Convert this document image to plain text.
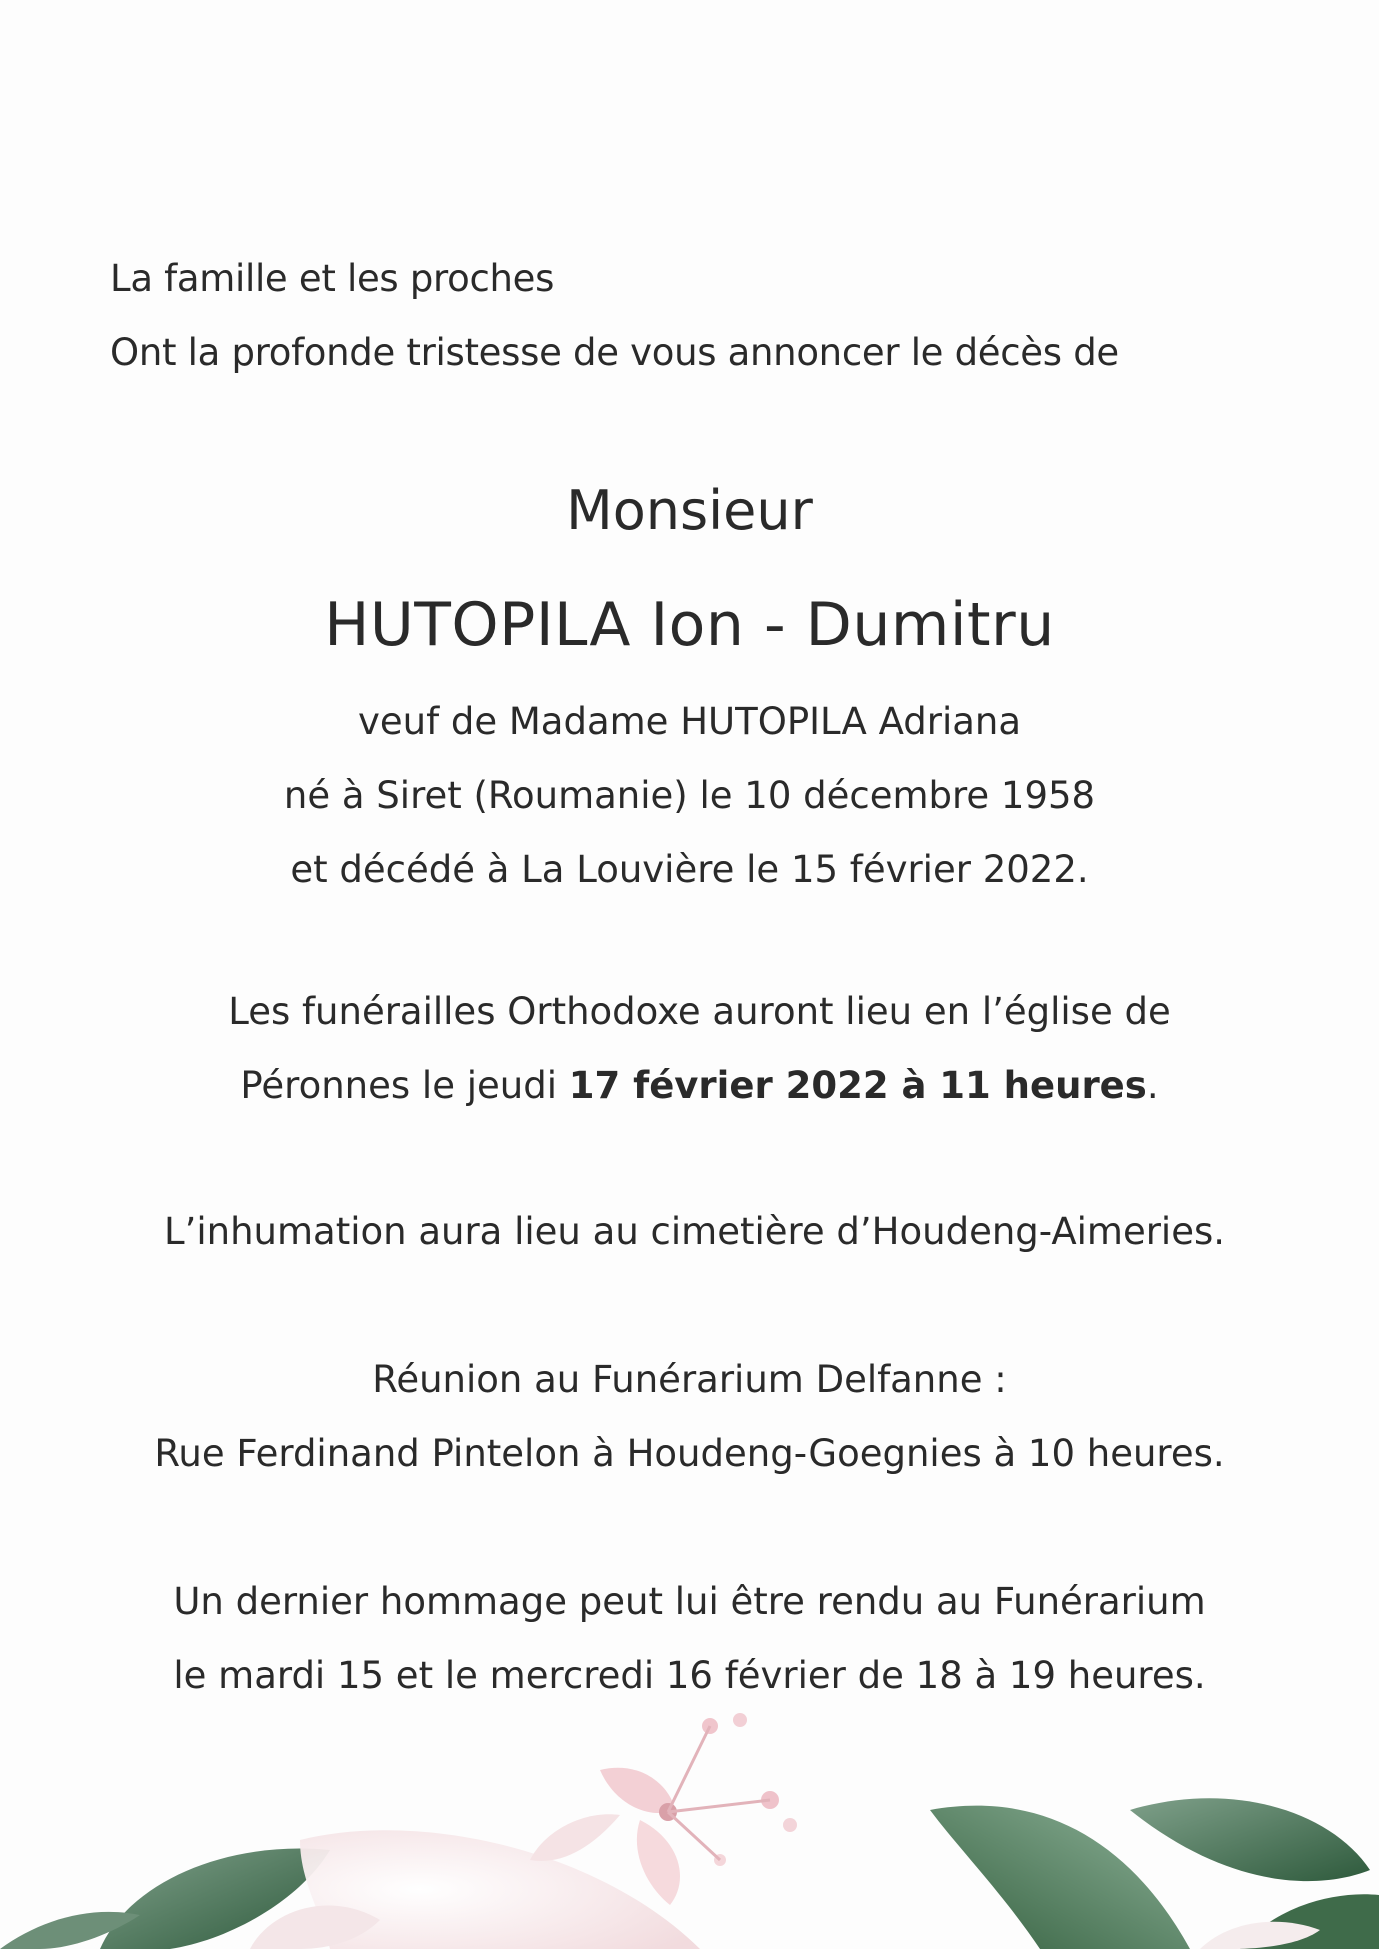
La famille et les proches
Ont la profonde tristesse de vous annoncer le décès de
Monsieur
HUTOPILA Ion - Dumitru
veuf de Madame HUTOPILA Adriana
né à Siret (Roumanie) le 10 décembre 1958
et décédé à La Louvière le 15 février 2022.
Les funérailles Orthodoxe auront lieu en l’église de
Péronnes le jeudi 17 février 2022 à 11 heures.
L’inhumation aura lieu au cimetière d’Houdeng-Aimeries.
Réunion au Funérarium Delfanne :
Rue Ferdinand Pintelon à Houdeng-Goegnies à 10 heures.
Un dernier hommage peut lui être rendu au Funérarium
le mardi 15 et le mercredi 16 février de 18 à 19 heures.
